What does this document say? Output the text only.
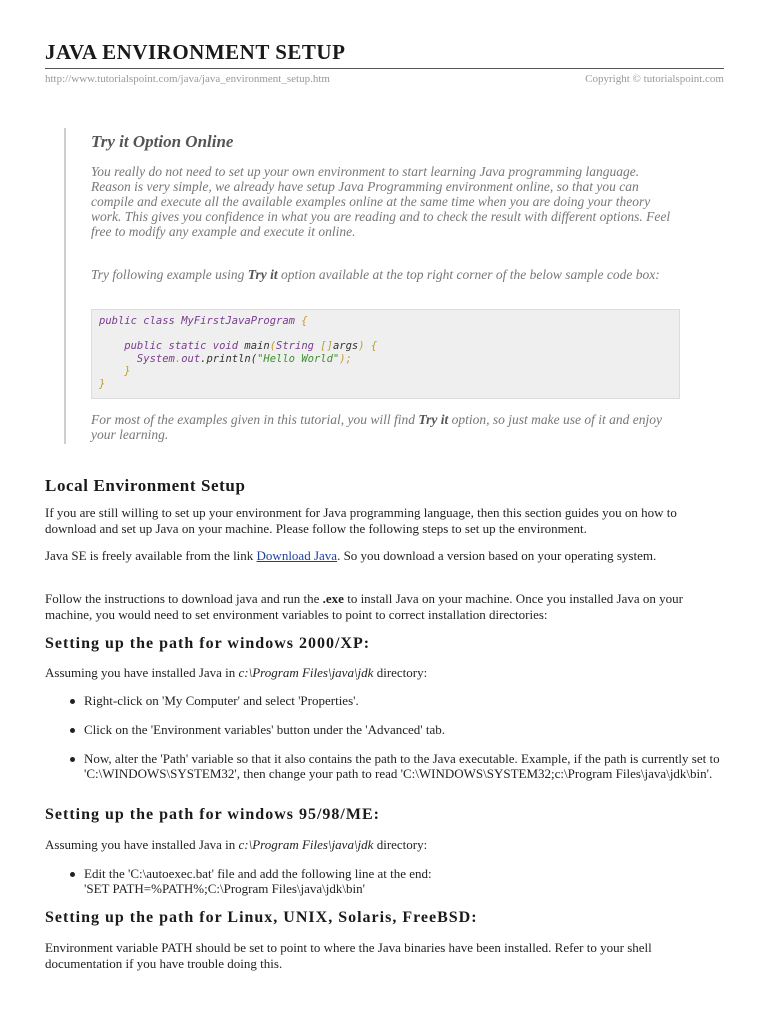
JAVA ENVIRONMENT SETUP
http://www.tutorialspoint.com/java/java_environment_setup.htm	Copyright © tutorialspoint.com
Try it Option Online

You really do not need to set up your own environment to start learning Java programming language. Reason is very simple, we already have setup Java Programming environment online, so that you can compile and execute all the available examples online at the same time when you are doing your theory work. This gives you confidence in what you are reading and to check the result with different options. Feel free to modify any example and execute it online.

Try following example using Try it option available at the top right corner of the below sample code box:

public class MyFirstJavaProgram {
public static void main(String []args) {
System.out.println("Hello World");
}
}

For most of the examples given in this tutorial, you will find Try it option, so just make use of it and enjoy your learning.

Local Environment Setup

If you are still willing to set up your environment for Java programming language, then this section guides you on how to download and set up Java on your machine. Please follow the following steps to set up the environment.

Java SE is freely available from the link Download Java. So you download a version based on your operating system.

Follow the instructions to download java and run the .exe to install Java on your machine. Once you installed Java on your machine, you would need to set environment variables to point to correct installation directories:

Setting up the path for windows 2000/XP:

Assuming you have installed Java in c:\Program Files\java\jdk directory:

Right-click on 'My Computer' and select 'Properties'.
Click on the 'Environment variables' button under the 'Advanced' tab.
Now, alter the 'Path' variable so that it also contains the path to the Java executable. Example, if the path is currently set to 'C:\WINDOWS\SYSTEM32', then change your path to read 'C:\WINDOWS\SYSTEM32;c:\Program Files\java\jdk\bin'.
Setting up the path for windows 95/98/ME:

Assuming you have installed Java in c:\Program Files\java\jdk directory:

Edit the 'C:\autoexec.bat' file and add the following line at the end:
'SET PATH=%PATH%;C:\Program Files\java\jdk\bin'
Setting up the path for Linux, UNIX, Solaris, FreeBSD:

Environment variable PATH should be set to point to where the Java binaries have been installed. Refer to your shell documentation if you have trouble doing this.
